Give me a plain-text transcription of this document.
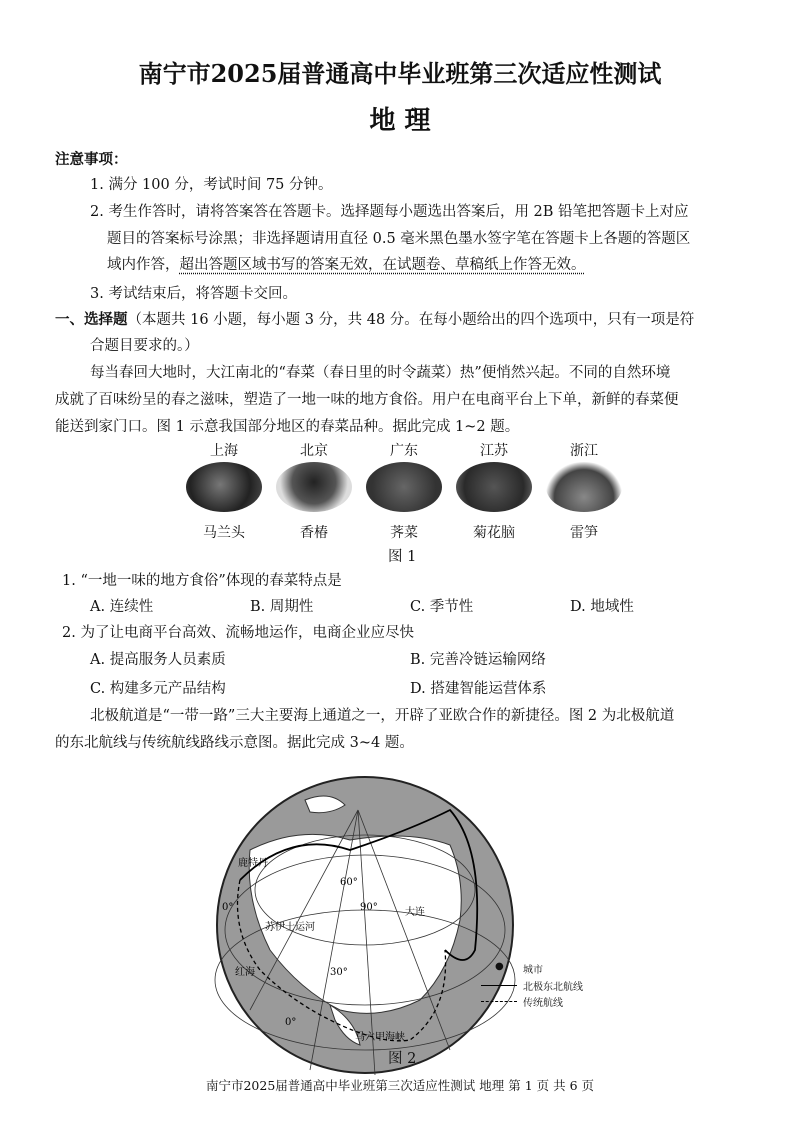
南宁市2025届普通高中毕业班第三次适应性测试
地 理
注意事项：
1. 满分 100 分，考试时间 75 分钟。
2. 考生作答时，请将答案答在答题卡。选择题每小题选出答案后，用 2B 铅笔把答题卡上对应
题目的答案标号涂黑；非选择题请用直径 0.5 毫米黑色墨水签字笔在答题卡上各题的答题区
域内作答，超出答题区域书写的答案无效，在试题卷、草稿纸上作答无效。
3. 考试结束后，将答题卡交回。
一、选择题（本题共 16 小题，每小题 3 分，共 48 分。在每小题给出的四个选项中，只有一项是符
合题目要求的。）
每当春回大地时，大江南北的“春菜（春日里的时令蔬菜）热”便悄然兴起。不同的自然环境
成就了百味纷呈的春之滋味，塑造了一地一味的地方食俗。用户在电商平台上下单，新鲜的春菜便
能送到家门口。图 1 示意我国部分地区的春菜品种。据此完成 1~2 题。
上海	北京	广东	江苏	浙江
马兰头	香椿	荠菜	菊花脑	雷笋
图 1
1. “一地一味的地方食俗”体现的春菜特点是
A. 连续性	B. 周期性	C. 季节性	D. 地域性
2. 为了让电商平台高效、流畅地运作，电商企业应尽快
A. 提高服务人员素质	B. 完善冷链运输网络
C. 构建多元产品结构	D. 搭建智能运营体系
北极航道是“一带一路”三大主要海上通道之一，开辟了亚欧合作的新捷径。图 2 为北极航道
的东北航线与传统航线路线示意图。据此完成 3~4 题。
鹿特丹
60°
90°	大连
苏伊士运河
30°
红海
0°
0°
马六甲海峡
● 城市
北极东北航线
传统航线
图 2
南宁市2025届普通高中毕业班第三次适应性测试 地理 第 1 页 共 6 页
